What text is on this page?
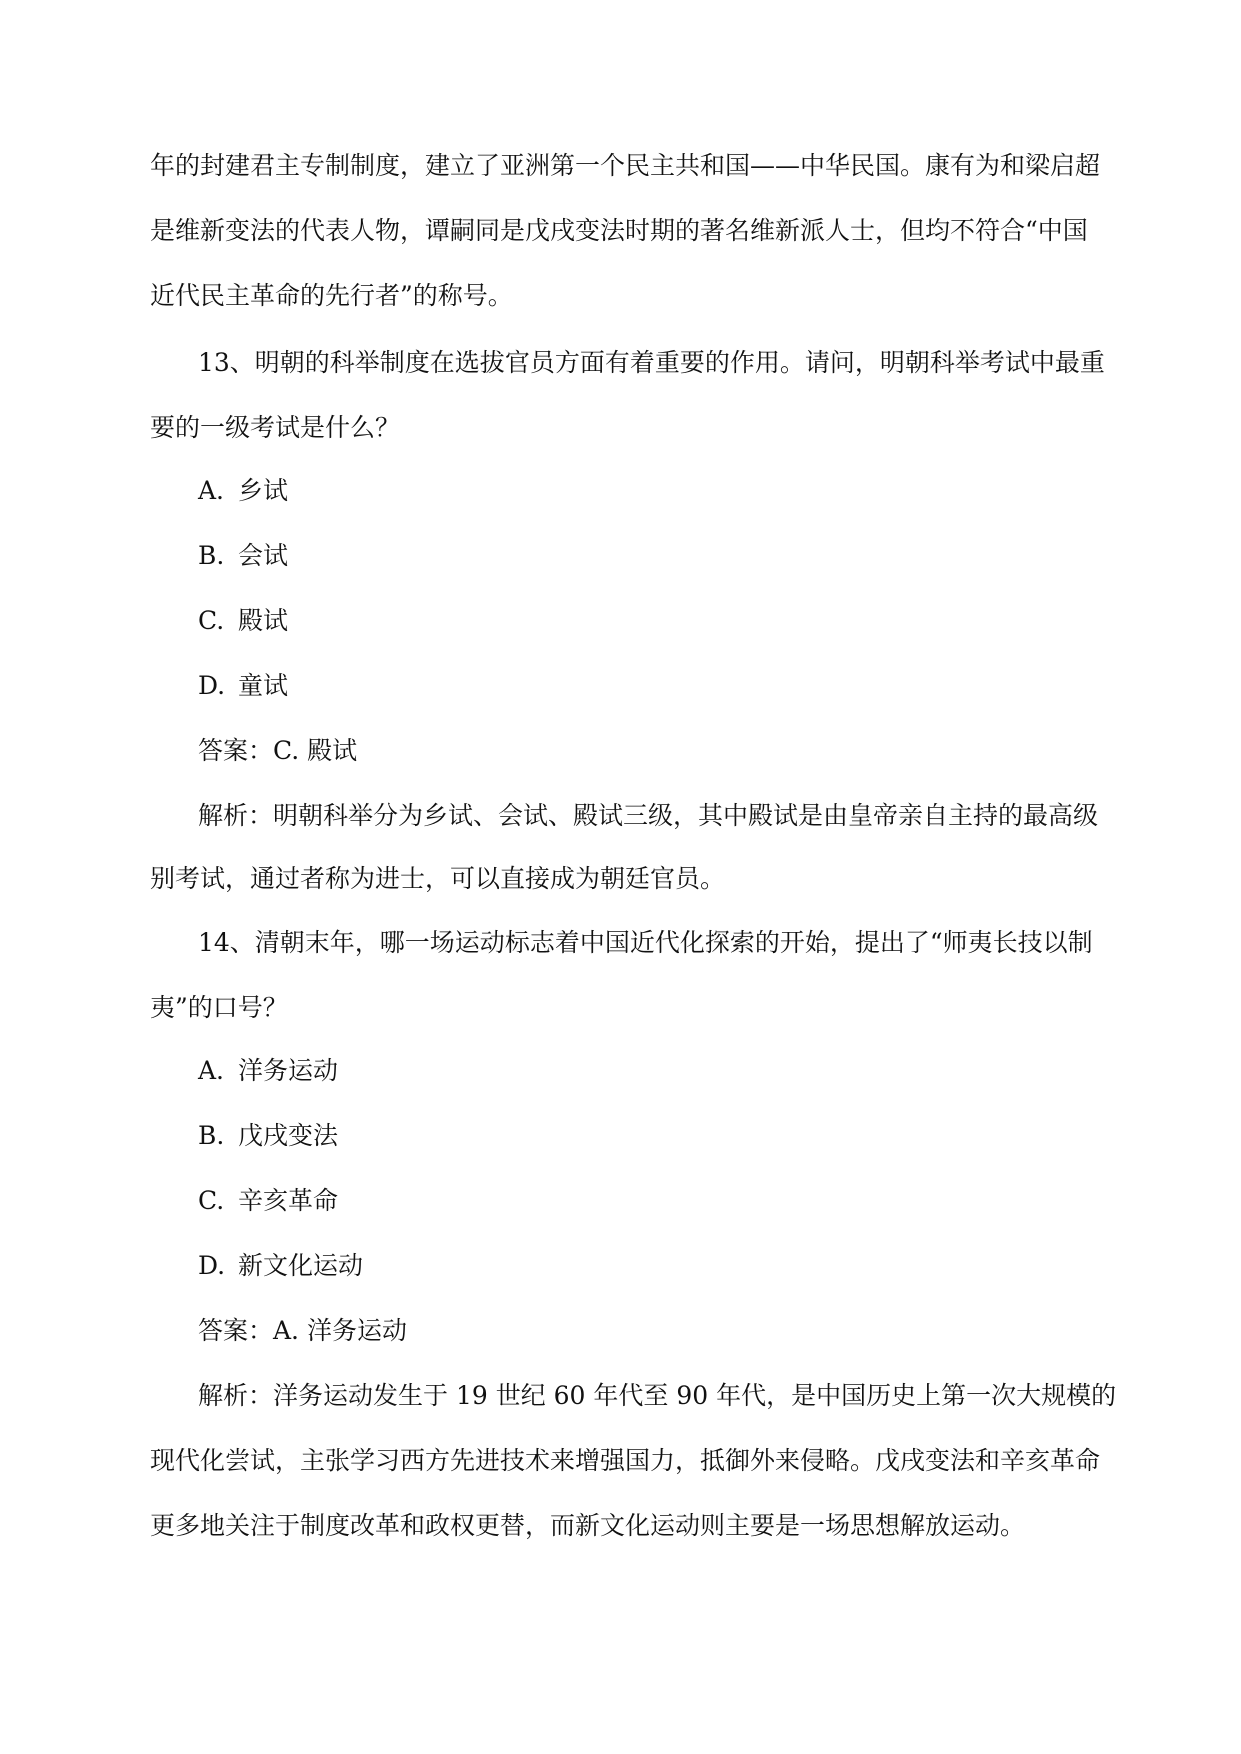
年的封建君主专制制度，建立了亚洲第一个民主共和国——中华民国。康有为和梁启超
是维新变法的代表人物，谭嗣同是戊戌变法时期的著名维新派人士，但均不符合“中国
近代民主革命的先行者”的称号。
13、明朝的科举制度在选拔官员方面有着重要的作用。请问，明朝科举考试中最重
要的一级考试是什么？
A. 乡试
B. 会试
C. 殿试
D. 童试
答案：C. 殿试
解析：明朝科举分为乡试、会试、殿试三级，其中殿试是由皇帝亲自主持的最高级
别考试，通过者称为进士，可以直接成为朝廷官员。
14、清朝末年，哪一场运动标志着中国近代化探索的开始，提出了“师夷长技以制
夷”的口号？
A. 洋务运动
B. 戊戌变法
C. 辛亥革命
D. 新文化运动
答案：A. 洋务运动
解析：洋务运动发生于 19 世纪 60 年代至 90 年代，是中国历史上第一次大规模的
现代化尝试，主张学习西方先进技术来增强国力，抵御外来侵略。戊戌变法和辛亥革命
更多地关注于制度改革和政权更替，而新文化运动则主要是一场思想解放运动。
